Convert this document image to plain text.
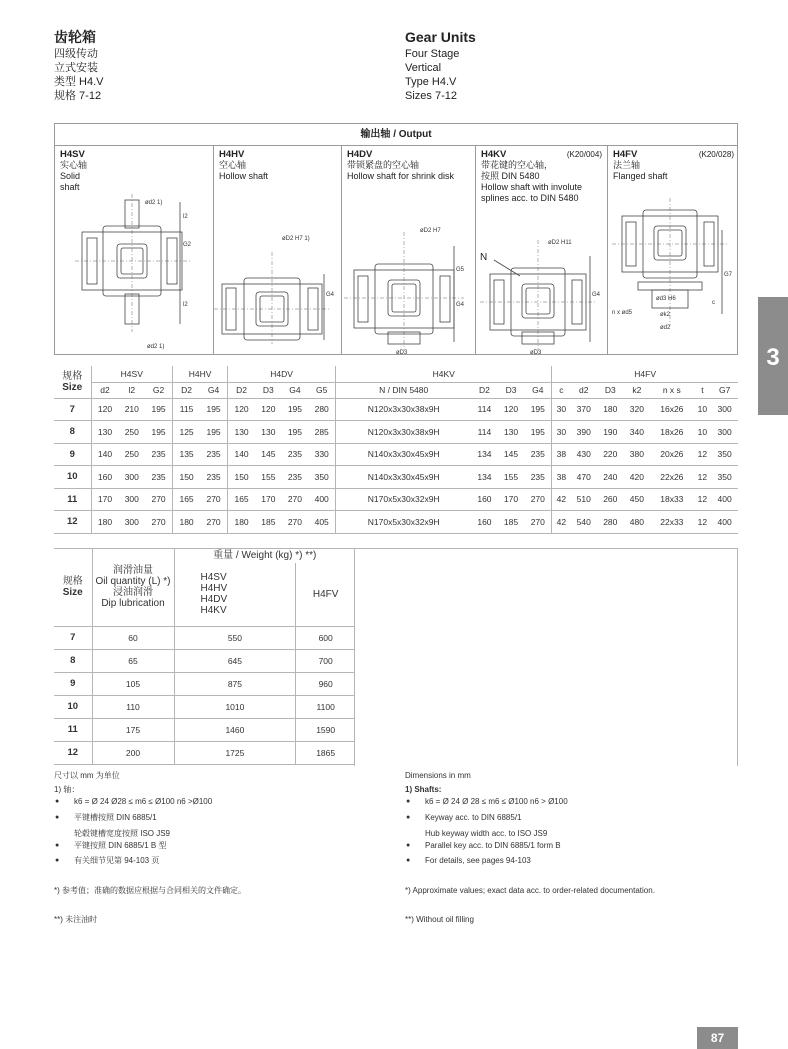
齿轮箱
四级传动
立式安装
类型 H4.V
规格 7-12
Gear Units
Four Stage
Vertical
Type H4.V
Sizes 7-12
3
输出轴 / Output
H4SV
实心轴
Solid
shaft
ød2 1)
l2
G2
l2
ød2 1)
H4HV
空心轴
Hollow shaft
øD2 H7 1)
G4
H4DV
带锁紧盘的空心轴
Hollow shaft for shrink disk
øD2 H7
G5
G4
øD3
H4KV
带花键的空心轴，
按照 DIN 5480
Hollow shaft with involute
splines acc. to DIN 5480
(K20/004)
N
øD2 H11
G4
øD3
H4FV
法兰轴
Flanged shaft
(K20/028)
G7
c
ød3 H6
øk2
ød2
n x ød5
规格
Size	H4SV			H4HV		H4DV				H4KV				H4FV						
	d2	l2	G2	D2	G4	D2	D3	G4	G5	N / DIN 5480	D2	D3	G4	c	d2	D3	k2	n x s	t	G7
7	120	210	195	115	195	120	120	195	280	N120x3x30x38x9H	114	120	195	30	370	180	320	16x26	10	300
8	130	250	195	125	195	130	130	195	285	N120x3x30x38x9H	114	130	195	30	390	190	340	18x26	10	300
9	140	250	235	135	235	140	145	235	330	N140x3x30x45x9H	134	145	235	38	430	220	380	20x26	12	350
10	160	300	235	150	235	150	155	235	350	N140x3x30x45x9H	134	155	235	38	470	240	420	22x26	12	350
11	170	300	270	165	270	165	170	270	400	N170x5x30x32x9H	160	170	270	42	510	260	450	18x33	12	400
12	180	300	270	180	270	180	185	270	405	N170x5x30x32x9H	160	185	270	42	540	280	480	22x33	12	400
规格
Size	润滑油量
Oil quantity (L) *)
浸油润滑
Dip lubrication	重量 / Weight (kg) *) **)	
		H4SV
H4HV
H4DV
H4KV	H4FV
7	60	550	600
8	65	645	700
9	105	875	960
10	110	1010	1100
11	175	1460	1590
12	200	1725	1865
尺寸以 mm 为单位
1) 轴：
● k6 = Ø 24 Ø28 ≤ m6 ≤ Ø100 n6 >Ø100
● 平键槽按照 DIN 6885/1
轮毂键槽宽度按照 ISO JS9
● 平键按照 DIN 6885/1 B 型
● 有关细节见第 94-103 页
*) 参考值；准确的数据应根据与合同相关的文件确定。
**) 未注油时
Dimensions in mm
1) Shafts:
● k6 = Ø 24 Ø 28 ≤ m6 ≤ Ø100 n6 > Ø100
● Keyway acc. to DIN 6885/1
Hub keyway width acc. to ISO JS9
● Parallel key acc. to DIN 6885/1 form B
● For details, see pages 94-103
*) Approximate values; exact data acc. to order-related documentation.
**) Without oil filling
87
